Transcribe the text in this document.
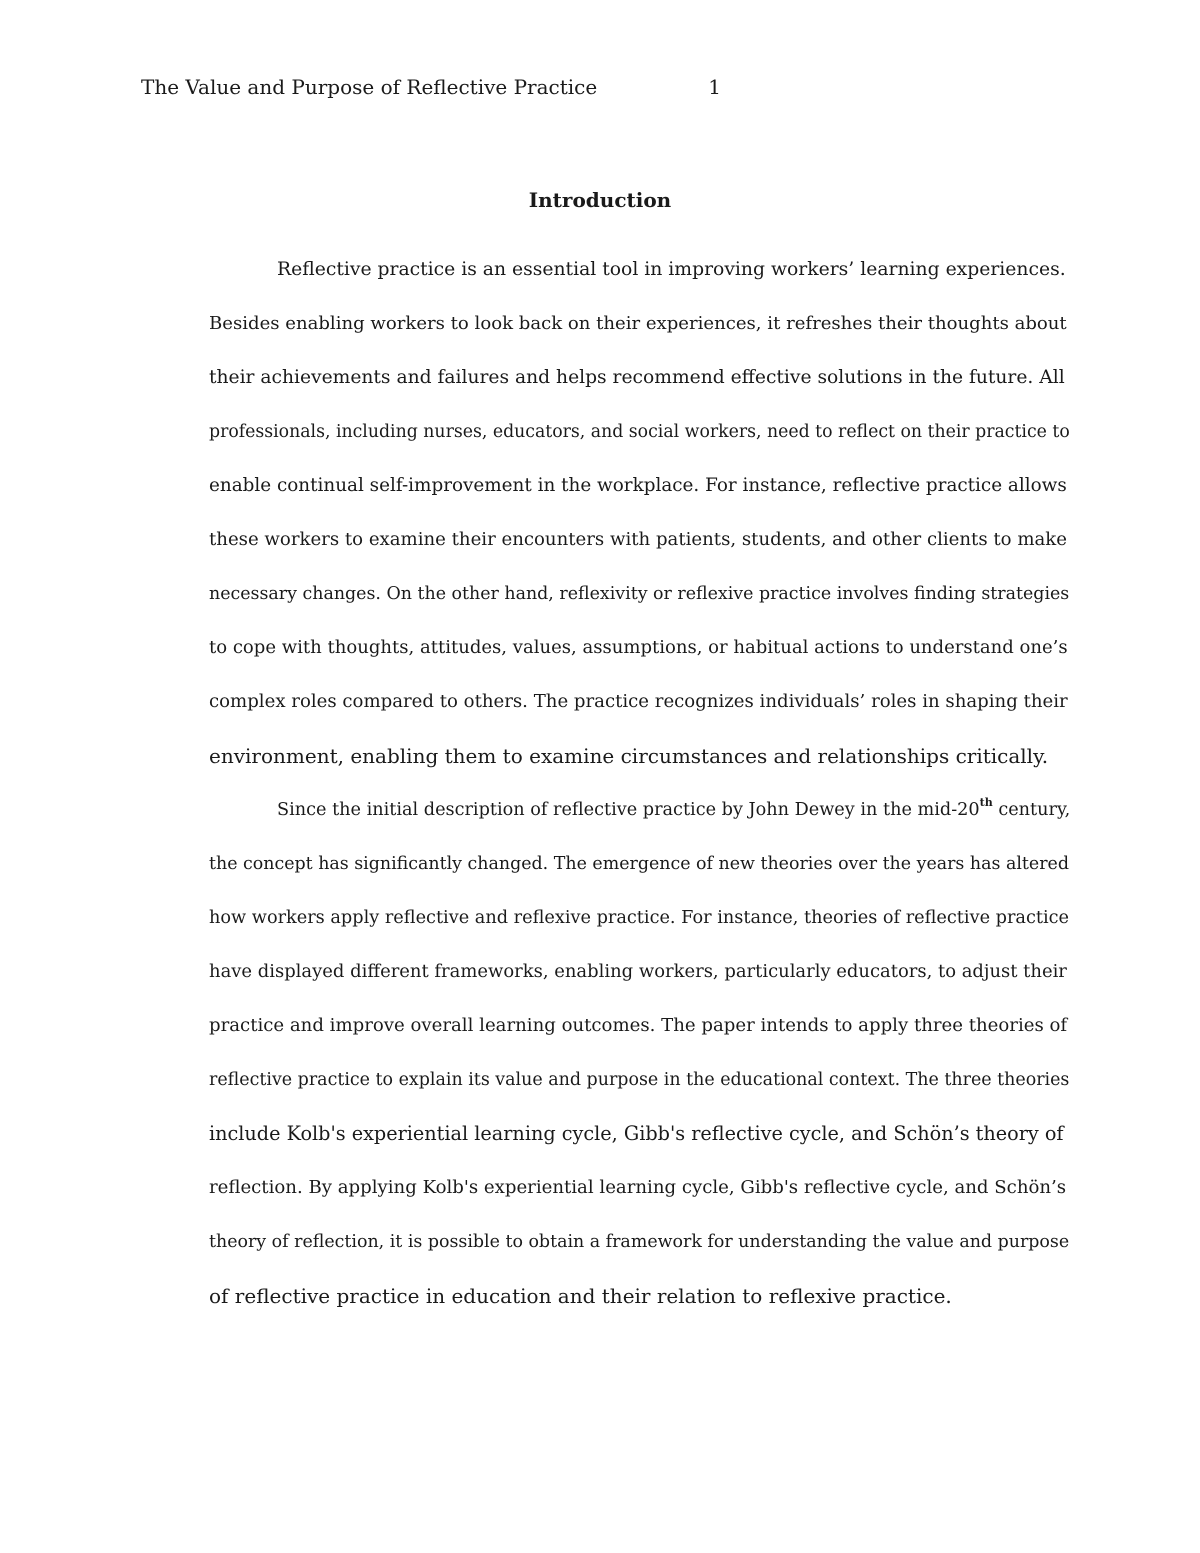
The Value and Purpose of Reflective Practice	1
Introduction
Reflective practice is an essential tool in improving workers’ learning experiences.
Besides enabling workers to look back on their experiences, it refreshes their thoughts about
their achievements and failures and helps recommend effective solutions in the future. All
professionals, including nurses, educators, and social workers, need to reflect on their practice to
enable continual self-improvement in the workplace. For instance, reflective practice allows
these workers to examine their encounters with patients, students, and other clients to make
necessary changes. On the other hand, reflexivity or reflexive practice involves finding strategies
to cope with thoughts, attitudes, values, assumptions, or habitual actions to understand one’s
complex roles compared to others. The practice recognizes individuals’ roles in shaping their
environment, enabling them to examine circumstances and relationships critically.
Since the initial description of reflective practice by John Dewey in the mid-20th century,
the concept has significantly changed. The emergence of new theories over the years has altered
how workers apply reflective and reflexive practice. For instance, theories of reflective practice
have displayed different frameworks, enabling workers, particularly educators, to adjust their
practice and improve overall learning outcomes. The paper intends to apply three theories of
reflective practice to explain its value and purpose in the educational context. The three theories
include Kolb's experiential learning cycle, Gibb's reflective cycle, and Schön’s theory of
reflection. By applying Kolb's experiential learning cycle, Gibb's reflective cycle, and Schön’s
theory of reflection, it is possible to obtain a framework for understanding the value and purpose
of reflective practice in education and their relation to reflexive practice.
